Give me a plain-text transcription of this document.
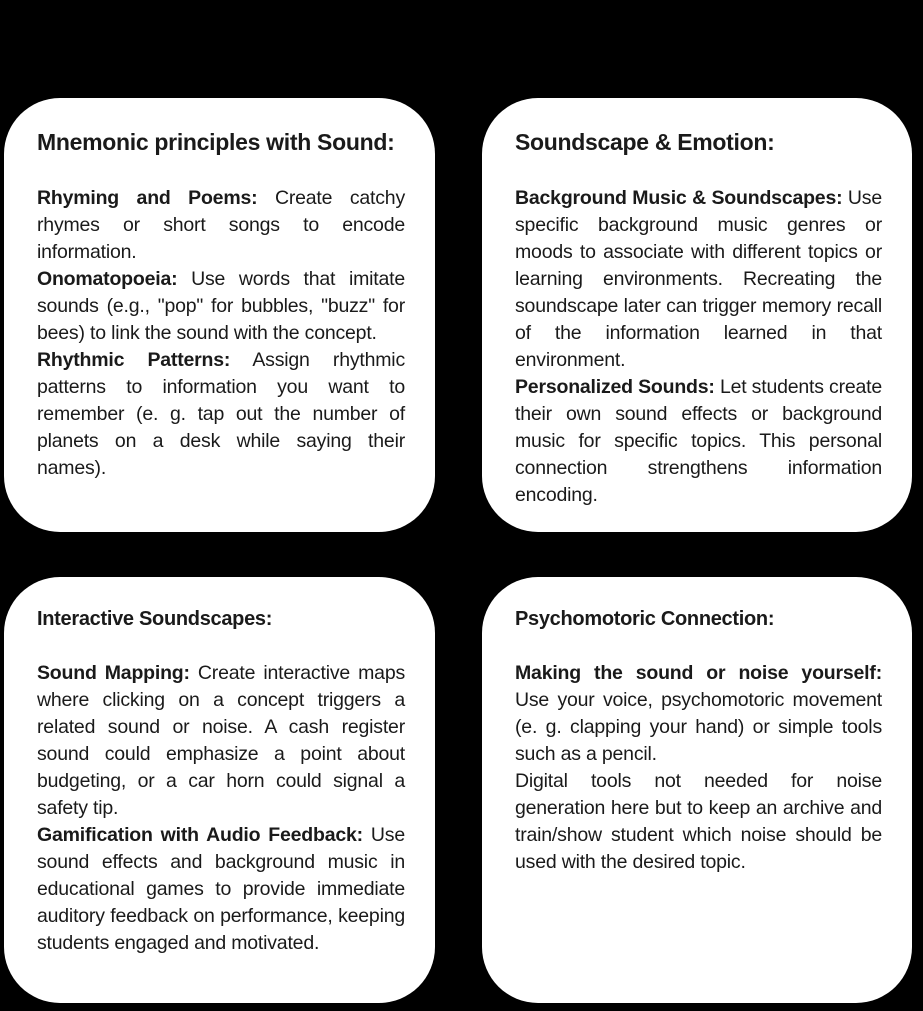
Mnemonic principles with Sound:

Rhyming and Poems: Create catchy rhymes or short songs to encode information.

Onomatopoeia: Use words that imitate sounds (e.g., "pop" for bubbles, "buzz" for bees) to link the sound with the concept.

Rhythmic Patterns: Assign rhythmic patterns to information you want to remember (e. g. tap out the number of planets on a desk while saying their names).

Soundscape & Emotion:

Background Music & Soundscapes: Use specific background music genres or moods to associate with different topics or learning environments. Recreating the soundscape later can trigger memory recall of the information learned in that environment.

Personalized Sounds: Let students create their own sound effects or background music for specific topics. This personal connection strengthens information encoding.

Interactive Soundscapes:

Sound Mapping: Create interactive maps where clicking on a concept triggers a related sound or noise. A cash register sound could emphasize a point about budgeting, or a car horn could signal a safety tip.

Gamification with Audio Feedback: Use sound effects and background music in educational games to provide immediate auditory feedback on performance, keeping students engaged and motivated.

Psychomotoric Connection:

Making the sound or noise yourself: Use your voice, psychomotoric movement (e. g. clapping your hand) or simple tools such as a pencil.

Digital tools not needed for noise generation here but to keep an archive and train/show student which noise should be used with the desired topic.
